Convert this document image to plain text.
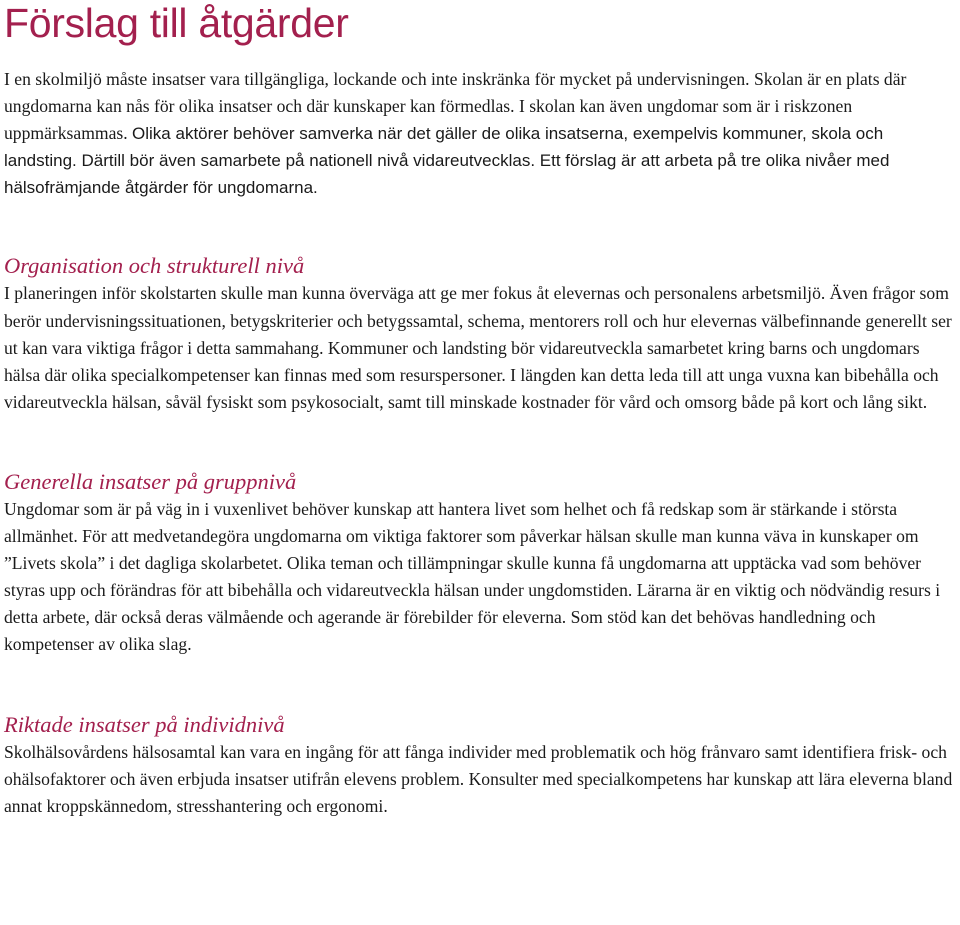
Förslag till åtgärder

I en skolmiljö måste insatser vara tillgängliga, lockande och inte inskränka för mycket på undervisningen. Skolan är en plats där ungdomarna kan nås för olika insatser och där kunskaper kan förmedlas. I skolan kan även ungdomar som är i riskzonen uppmärksammas. Olika aktörer behöver samverka när det gäller de olika insatserna, exempelvis kommuner, skola och landsting. Därtill bör även samarbete på nationell nivå vidareutvecklas. Ett förslag är att arbeta på tre olika nivåer med hälsofrämjande åtgärder för ungdomarna.

Organisation och strukturell nivå

I planeringen inför skolstarten skulle man kunna överväga att ge mer fokus åt elevernas och personalens arbetsmiljö. Även frågor som berör undervisningssituationen, betygskriterier och betygssamtal, schema, mentorers roll och hur elevernas välbefinnande generellt ser ut kan vara viktiga frågor i detta sammahang. Kommuner och landsting bör vidareutveckla samarbetet kring barns och ungdomars hälsa där olika specialkompetenser kan finnas med som resurspersoner. I längden kan detta leda till att unga vuxna kan bibehålla och vidareutveckla hälsan, såväl fysiskt som psykosocialt, samt till minskade kostnader för vård och omsorg både på kort och lång sikt.

Generella insatser på gruppnivå

Ungdomar som är på väg in i vuxenlivet behöver kunskap att hantera livet som helhet och få redskap som är stärkande i största allmänhet. För att medvetandegöra ungdomarna om viktiga faktorer som påverkar hälsan skulle man kunna väva in kunskaper om ”Livets skola” i det dagliga skolarbetet. Olika teman och tillämpningar skulle kunna få ungdomarna att upptäcka vad som behöver styras upp och förändras för att bibehålla och vidareutveckla hälsan under ungdomstiden. Lärarna är en viktig och nödvändig resurs i detta arbete, där också deras välmående och agerande är förebilder för eleverna. Som stöd kan det behövas handledning och kompetenser av olika slag.

Riktade insatser på individnivå

Skolhälsovårdens hälsosamtal kan vara en ingång för att fånga individer med problematik och hög frånvaro samt identifiera frisk- och ohälsofaktorer och även erbjuda insatser utifrån elevens problem. Konsulter med specialkompetens har kunskap att lära eleverna bland annat kroppskännedom, stresshantering och ergonomi.
